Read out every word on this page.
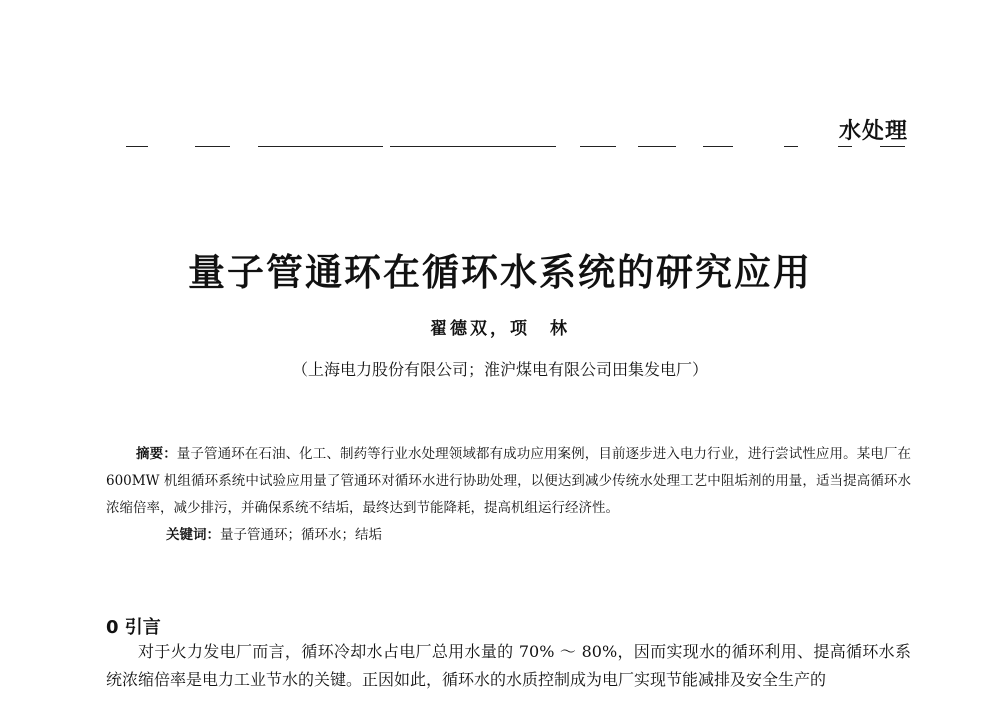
水处理
量子管通环在循环水系统的研究应用
翟德双，项　林
（上海电力股份有限公司；淮沪煤电有限公司田集发电厂）

摘要：量子管通环在石油、化工、制药等行业水处理领域都有成功应用案例，目前逐步进入电力行业，进行尝试性应用。某电厂在600MW 机组循环系统中试验应用量了管通环对循环水进行协助处理，以便达到减少传统水处理工艺中阻垢剂的用量，适当提高循环水浓缩倍率，减少排污，并确保系统不结垢，最终达到节能降耗，提高机组运行经济性。

关键词：量子管通环；循环水；结垢

0 引言

对于火力发电厂而言，循环冷却水占电厂总用水量的 70% ～ 80%，因而实现水的循环利用、提高循环水系统浓缩倍率是电力工业节水的关键。正因如此，循环水的水质控制成为电厂实现节能减排及安全生产的
